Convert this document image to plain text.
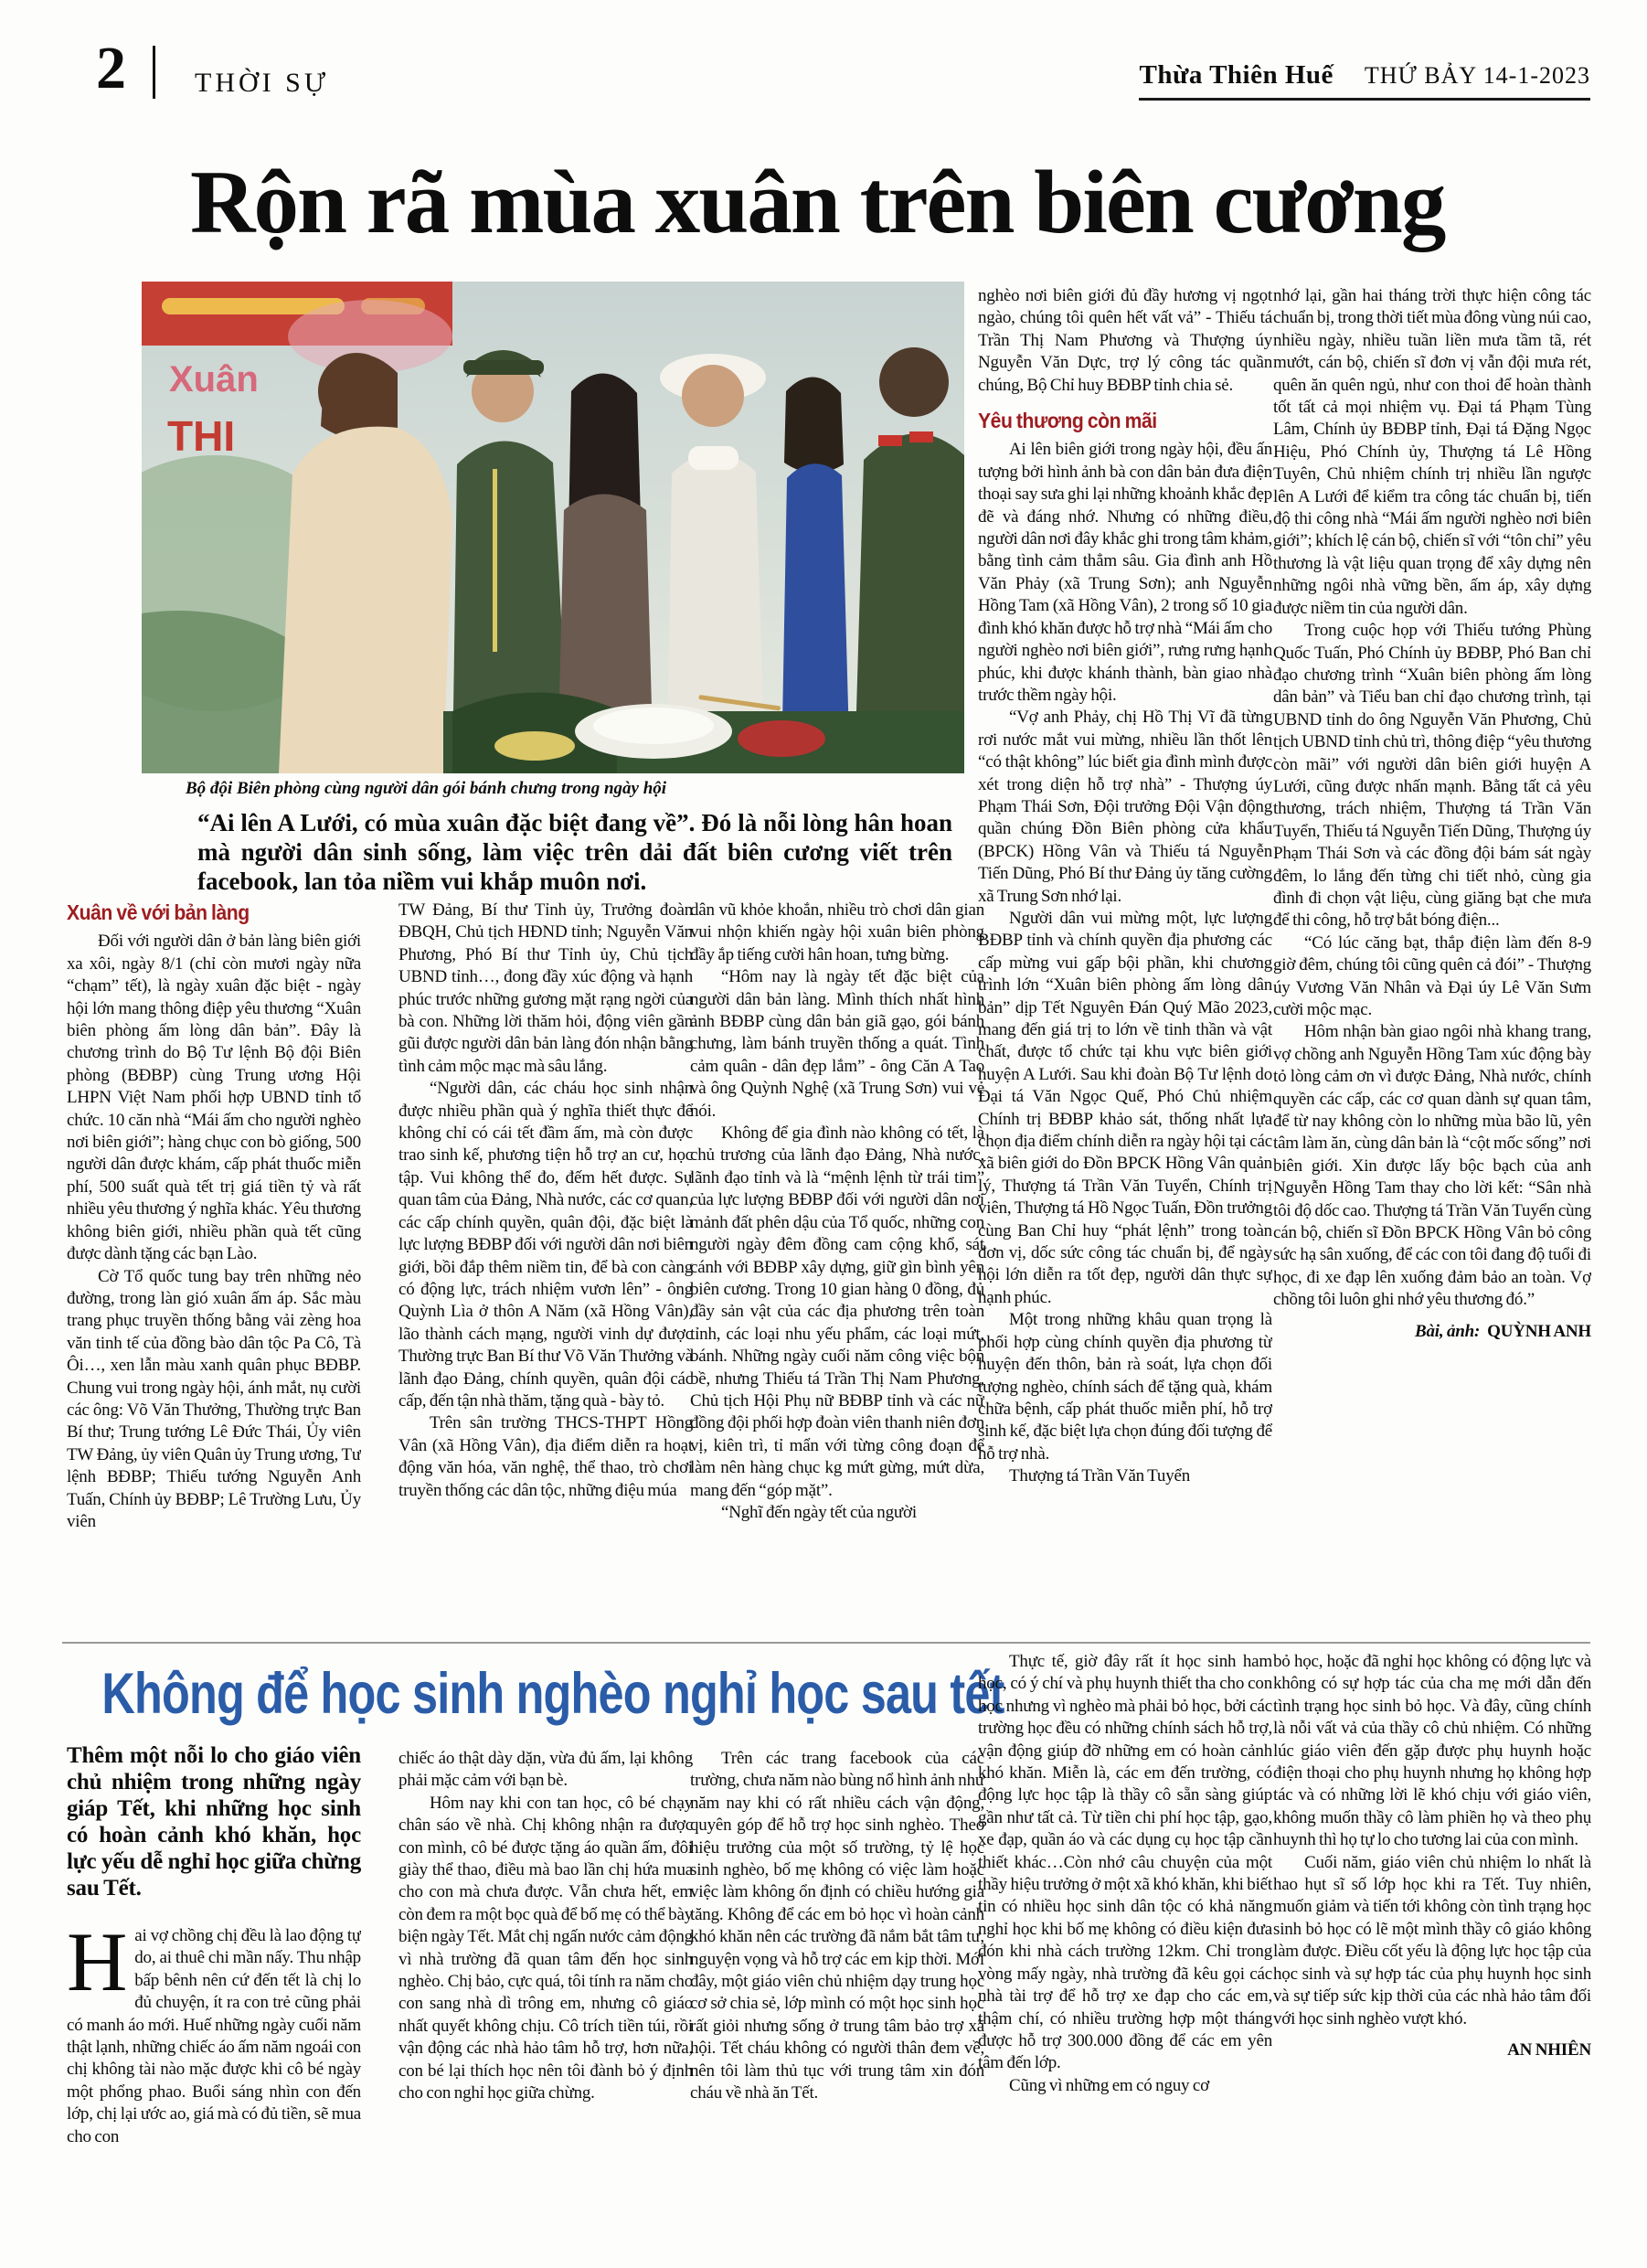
2	THỜI SỰ	Thừa Thiên Huế THỨ BẢY 14-1-2023
Rộn rã mùa xuân trên biên cương
Xuân
THI
Bộ đội Biên phòng cùng người dân gói bánh chưng trong ngày hội
“Ai lên A Lưới, có mùa xuân đặc biệt đang về”. Đó là nỗi lòng hân hoan mà người dân sinh sống, làm việc trên dải đất biên cương viết trên facebook, lan tỏa niềm vui khắp muôn nơi.
Xuân về với bản làng
Đối với người dân ở bản làng biên giới xa xôi, ngày 8/1 (chỉ còn mươi ngày nữa “chạm” tết), là ngày xuân đặc biệt - ngày hội lớn mang thông điệp yêu thương “Xuân biên phòng ấm lòng dân bản”. Đây là chương trình do Bộ Tư lệnh Bộ đội Biên phòng (BĐBP) cùng Trung ương Hội LHPN Việt Nam phối hợp UBND tỉnh tổ chức. 10 căn nhà “Mái ấm cho người nghèo nơi biên giới”; hàng chục con bò giống, 500 người dân được khám, cấp phát thuốc miễn phí, 500 suất quà tết trị giá tiền tỷ và rất nhiều yêu thương ý nghĩa khác. Yêu thương không biên giới, nhiều phần quà tết cũng được dành tặng các bạn Lào.
Cờ Tổ quốc tung bay trên những nẻo đường, trong làn gió xuân ấm áp. Sắc màu trang phục truyền thống bằng vải zèng hoa văn tinh tế của đồng bào dân tộc Pa Cô, Tà Ôi…, xen lẫn màu xanh quân phục BĐBP. Chung vui trong ngày hội, ánh mắt, nụ cười các ông: Võ Văn Thưởng, Thường trực Ban Bí thư; Trung tướng Lê Đức Thái, Ủy viên TW Đảng, ủy viên Quân ủy Trung ương, Tư lệnh BĐBP; Thiếu tướng Nguyễn Anh Tuấn, Chính ủy BĐBP; Lê Trường Lưu, Ủy viên
TW Đảng, Bí thư Tỉnh ủy, Trưởng đoàn ĐBQH, Chủ tịch HĐND tỉnh; Nguyễn Văn Phương, Phó Bí thư Tỉnh ủy, Chủ tịch UBND tỉnh…, đong đầy xúc động và hạnh phúc trước những gương mặt rạng ngời của bà con. Những lời thăm hỏi, động viên gần gũi được người dân bản làng đón nhận bằng tình cảm mộc mạc mà sâu lắng.
“Người dân, các cháu học sinh nhận được nhiều phần quà ý nghĩa thiết thực để không chỉ có cái tết đầm ấm, mà còn được trao sinh kế, phương tiện hỗ trợ an cư, học tập. Vui không thể đo, đếm hết được. Sự quan tâm của Đảng, Nhà nước, các cơ quan, các cấp chính quyền, quân đội, đặc biệt là lực lượng BĐBP đối với người dân nơi biên giới, bồi đắp thêm niềm tin, để bà con càng có động lực, trách nhiệm vươn lên” - ông Quỳnh Lìa ở thôn A Năm (xã Hồng Vân), lão thành cách mạng, người vinh dự được Thường trực Ban Bí thư Võ Văn Thưởng và lãnh đạo Đảng, chính quyền, quân đội các cấp, đến tận nhà thăm, tặng quà - bày tỏ.
Trên sân trường THCS-THPT Hồng Vân (xã Hồng Vân), địa điểm diễn ra hoạt động văn hóa, văn nghệ, thể thao, trò chơi truyền thống các dân tộc, những điệu múa
dân vũ khỏe khoắn, nhiều trò chơi dân gian vui nhộn khiến ngày hội xuân biên phòng đầy ắp tiếng cười hân hoan, tưng bừng.
“Hôm nay là ngày tết đặc biệt của người dân bản làng. Mình thích nhất hình ảnh BĐBP cùng dân bản giã gạo, gói bánh chưng, làm bánh truyền thống a quát. Tình cảm quân - dân đẹp lắm” - ông Căn A Tao và ông Quỳnh Nghệ (xã Trung Sơn) vui vẻ nói.
Không để gia đình nào không có tết, là chủ trương của lãnh đạo Đảng, Nhà nước, lãnh đạo tỉnh và là “mệnh lệnh từ trái tim” của lực lượng BĐBP đối với người dân nơi mảnh đất phên dậu của Tổ quốc, những con người ngày đêm đồng cam cộng khổ, sát cánh với BĐBP xây dựng, giữ gìn bình yên biên cương. Trong 10 gian hàng 0 đồng, đủ đầy sản vật của các địa phương trên toàn tỉnh, các loại nhu yếu phẩm, các loại mứt, bánh. Những ngày cuối năm công việc bộn bề, nhưng Thiếu tá Trần Thị Nam Phương, Chủ tịch Hội Phụ nữ BĐBP tỉnh và các nữ đồng đội phối hợp đoàn viên thanh niên đơn vị, kiên trì, tỉ mẩn với từng công đoạn để làm nên hàng chục kg mứt gừng, mứt dừa, mang đến “góp mặt”.
“Nghĩ đến ngày tết của người
nghèo nơi biên giới đủ đầy hương vị ngọt ngào, chúng tôi quên hết vất vả” - Thiếu tá Trần Thị Nam Phương và Thượng úy Nguyễn Văn Dực, trợ lý công tác quần chúng, Bộ Chỉ huy BĐBP tỉnh chia sẻ.
Yêu thương còn mãi
Ai lên biên giới trong ngày hội, đều ấn tượng bởi hình ảnh bà con dân bản đưa điện thoại say sưa ghi lại những khoảnh khắc đẹp đẽ và đáng nhớ. Nhưng có những điều, người dân nơi đây khắc ghi trong tâm khảm, bằng tình cảm thẳm sâu. Gia đình anh Hồ Văn Phảy (xã Trung Sơn); anh Nguyễn Hồng Tam (xã Hồng Vân), 2 trong số 10 gia đình khó khăn được hỗ trợ nhà “Mái ấm cho người nghèo nơi biên giới”, rưng rưng hạnh phúc, khi được khánh thành, bàn giao nhà trước thềm ngày hội.
“Vợ anh Phảy, chị Hồ Thị Vĩ đã từng rơi nước mắt vui mừng, nhiều lần thốt lên “có thật không” lúc biết gia đình mình được xét trong diện hỗ trợ nhà” - Thượng úy Phạm Thái Sơn, Đội trưởng Đội Vận động quần chúng Đồn Biên phòng cửa khẩu (BPCK) Hồng Vân và Thiếu tá Nguyễn Tiến Dũng, Phó Bí thư Đảng ủy tăng cường xã Trung Sơn nhớ lại.
Người dân vui mừng một, lực lượng BĐBP tỉnh và chính quyền địa phương các cấp mừng vui gấp bội phần, khi chương trình lớn “Xuân biên phòng ấm lòng dân bản” dịp Tết Nguyên Đán Quý Mão 2023, mang đến giá trị to lớn về tinh thần và vật chất, được tổ chức tại khu vực biên giới huyện A Lưới. Sau khi đoàn Bộ Tư lệnh do Đại tá Văn Ngọc Quế, Phó Chủ nhiệm Chính trị BĐBP khảo sát, thống nhất lựa chọn địa điểm chính diễn ra ngày hội tại các xã biên giới do Đồn BPCK Hồng Vân quản lý, Thượng tá Trần Văn Tuyển, Chính trị viên, Thượng tá Hồ Ngọc Tuấn, Đồn trưởng cùng Ban Chỉ huy “phát lệnh” trong toàn đơn vị, dốc sức công tác chuẩn bị, để ngày hội lớn diễn ra tốt đẹp, người dân thực sự hạnh phúc.
Một trong những khâu quan trọng là phối hợp cùng chính quyền địa phương từ huyện đến thôn, bản rà soát, lựa chọn đối tượng nghèo, chính sách để tặng quà, khám chữa bệnh, cấp phát thuốc miễn phí, hỗ trợ sinh kế, đặc biệt lựa chọn đúng đối tượng để hỗ trợ nhà.
Thượng tá Trần Văn Tuyển
nhớ lại, gần hai tháng trời thực hiện công tác chuẩn bị, trong thời tiết mùa đông vùng núi cao, nhiều ngày, nhiều tuần liền mưa tầm tã, rét mướt, cán bộ, chiến sĩ đơn vị vẫn đội mưa rét, quên ăn quên ngủ, như con thoi để hoàn thành tốt tất cả mọi nhiệm vụ. Đại tá Phạm Tùng Lâm, Chính ủy BĐBP tỉnh, Đại tá Đặng Ngọc Hiệu, Phó Chính ủy, Thượng tá Lê Hồng Tuyên, Chủ nhiệm chính trị nhiều lần ngược lên A Lưới để kiểm tra công tác chuẩn bị, tiến độ thi công nhà “Mái ấm người nghèo nơi biên giới”; khích lệ cán bộ, chiến sĩ với “tôn chỉ” yêu thương là vật liệu quan trọng để xây dựng nên những ngôi nhà vững bền, ấm áp, xây dựng được niềm tin của người dân.
Trong cuộc họp với Thiếu tướng Phùng Quốc Tuấn, Phó Chính ủy BĐBP, Phó Ban chỉ đạo chương trình “Xuân biên phòng ấm lòng dân bản” và Tiểu ban chỉ đạo chương trình, tại UBND tỉnh do ông Nguyễn Văn Phương, Chủ tịch UBND tỉnh chủ trì, thông điệp “yêu thương còn mãi” với người dân biên giới huyện A Lưới, cũng được nhấn mạnh. Bằng tất cả yêu thương, trách nhiệm, Thượng tá Trần Văn Tuyển, Thiếu tá Nguyễn Tiến Dũng, Thượng úy Phạm Thái Sơn và các đồng đội bám sát ngày đêm, lo lắng đến từng chi tiết nhỏ, cùng gia đình đi chọn vật liệu, cùng giăng bạt che mưa để thi công, hỗ trợ bắt bóng điện...
“Có lúc căng bạt, thắp điện làm đến 8-9 giờ đêm, chúng tôi cũng quên cả đói” - Thượng úy Vương Văn Nhân và Đại úy Lê Văn Sưm cười mộc mạc.
Hôm nhận bàn giao ngôi nhà khang trang, vợ chồng anh Nguyễn Hồng Tam xúc động bày tỏ lòng cảm ơn vì được Đảng, Nhà nước, chính quyền các cấp, các cơ quan dành sự quan tâm, để từ nay không còn lo những mùa bão lũ, yên tâm làm ăn, cùng dân bản là “cột mốc sống” nơi biên giới. Xin được lấy bộc bạch của anh Nguyễn Hồng Tam thay cho lời kết: “Sân nhà tôi độ dốc cao. Thượng tá Trần Văn Tuyển cùng cán bộ, chiến sĩ Đồn BPCK Hồng Vân bỏ công sức hạ sân xuống, để các con tôi đang độ tuổi đi học, đi xe đạp lên xuống đảm bảo an toàn. Vợ chồng tôi luôn ghi nhớ yêu thương đó.”
Bài, ảnh: QUỲNH ANH
Không để học sinh nghèo nghỉ học sau tết
Thêm một nỗi lo cho giáo viên chủ nhiệm trong những ngày giáp Tết, khi những học sinh có hoàn cảnh khó khăn, học lực yếu dễ nghỉ học giữa chừng sau Tết.
Hai vợ chồng chị đều là lao động tự do, ai thuê chi mần nấy. Thu nhập bấp bênh nên cứ đến tết là chị lo đủ chuyện, ít ra con trẻ cũng phải có manh áo mới. Huế những ngày cuối năm thật lạnh, những chiếc áo ấm năm ngoái con chị không tài nào mặc được khi cô bé ngày một phổng phao. Buổi sáng nhìn con đến lớp, chị lại ước ao, giá mà có đủ tiền, sẽ mua cho con
chiếc áo thật dày dặn, vừa đủ ấm, lại không phải mặc cảm với bạn bè.
Hôm nay khi con tan học, cô bé chạy chân sáo về nhà. Chị không nhận ra được con mình, cô bé được tặng áo quần ấm, đôi giày thể thao, điều mà bao lần chị hứa mua cho con mà chưa được. Vẫn chưa hết, em còn đem ra một bọc quà để bố mẹ có thể bày biện ngày Tết. Mắt chị ngấn nước cảm động vì nhà trường đã quan tâm đến học sinh nghèo. Chị bảo, cực quá, tôi tính ra năm cho con sang nhà dì trông em, nhưng cô giáo nhất quyết không chịu. Cô trích tiền túi, rồi vận động các nhà hảo tâm hỗ trợ, hơn nữa, con bé lại thích học nên tôi đành bỏ ý định cho con nghỉ học giữa chừng.
Trên các trang facebook của các trường, chưa năm nào bùng nổ hình ảnh như năm nay khi có rất nhiều cách vận động, quyên góp để hỗ trợ học sinh nghèo. Theo hiệu trưởng của một số trường, tỷ lệ học sinh nghèo, bố mẹ không có việc làm hoặc việc làm không ổn định có chiều hướng gia tăng. Không để các em bỏ học vì hoàn cảnh khó khăn nên các trường đã nắm bắt tâm tư, nguyện vọng và hỗ trợ các em kịp thời. Mới đây, một giáo viên chủ nhiệm dạy trung học cơ sở chia sẻ, lớp mình có một học sinh học rất giỏi nhưng sống ở trung tâm bảo trợ xã hội. Tết cháu không có người thân đem về, nên tôi làm thủ tục với trung tâm xin đón cháu về nhà ăn Tết.
Thực tế, giờ đây rất ít học sinh ham học, có ý chí và phụ huynh thiết tha cho con học nhưng vì nghèo mà phải bỏ học, bởi các trường học đều có những chính sách hỗ trợ, vận động giúp đỡ những em có hoàn cảnh khó khăn. Miễn là, các em đến trường, có động lực học tập là thầy cô sẵn sàng giúp gần như tất cả. Từ tiền chi phí học tập, gạo, xe đạp, quần áo và các dụng cụ học tập cần thiết khác…Còn nhớ câu chuyện của một thầy hiệu trưởng ở một xã khó khăn, khi biết tin có nhiều học sinh dân tộc có khả năng nghỉ học khi bố mẹ không có điều kiện đưa đón khi nhà cách trường 12km. Chỉ trong vòng mấy ngày, nhà trường đã kêu gọi các nhà tài trợ để hỗ trợ xe đạp cho các em, thậm chí, có nhiều trường hợp một tháng được hỗ trợ 300.000 đồng để các em yên tâm đến lớp.
Cũng vì những em có nguy cơ
bỏ học, hoặc đã nghỉ học không có động lực và không có sự hợp tác của cha mẹ mới dẫn đến tình trạng học sinh bỏ học. Và đây, cũng chính là nỗi vất vả của thầy cô chủ nhiệm. Có những lúc giáo viên đến gặp được phụ huynh hoặc điện thoại cho phụ huynh nhưng họ không hợp tác và có những lời lẽ khó chịu với giáo viên, không muốn thầy cô làm phiền họ và theo phụ huynh thì họ tự lo cho tương lai của con mình.
Cuối năm, giáo viên chủ nhiệm lo nhất là hao hụt sĩ số lớp học khi ra Tết. Tuy nhiên, muốn giảm và tiến tới không còn tình trạng học sinh bỏ học có lẽ một mình thầy cô giáo không làm được. Điều cốt yếu là động lực học tập của học sinh và sự hợp tác của phụ huynh học sinh và sự tiếp sức kịp thời của các nhà hảo tâm đối với học sinh nghèo vượt khó.
AN NHIÊN
